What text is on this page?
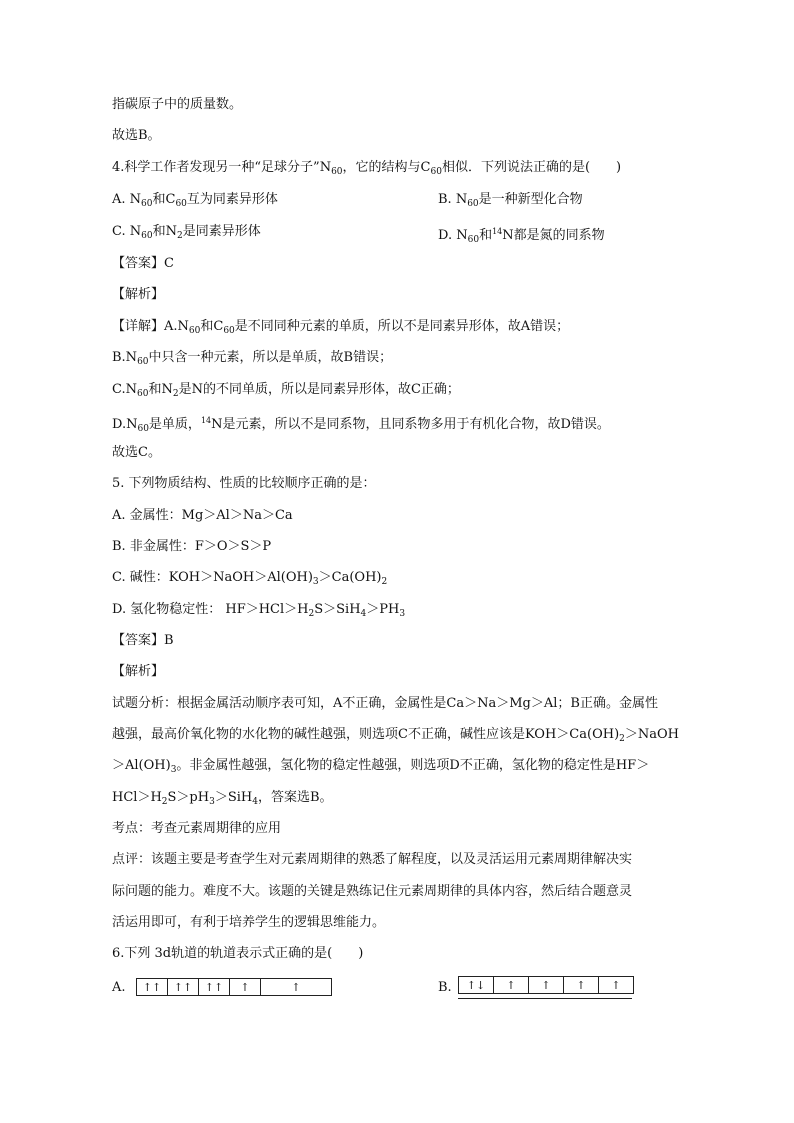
指碳原子中的质量数。
故选B。
4.科学工作者发现另一种“足球分子$”N_{60}$，它的结构与$C_{60}$相似．下列说法正确的是(　　)
A. $N_{60}$和$C_{60}$互为同素异形体	B. $N_{60}$是一种新型化合物
C. $N_{60}$和$N_2$是同素异形体	D. $N_{60}$和$^{14}$N都是氮的同系物
【答案】C
【解析】
【详解】$A.N_{60}$和$C_{60}$是不同同种元素的单质，所以不是同素异形体，故A错误；
$B.N_{60}$中只含一种元素，所以是单质，故B错误；
$C.N_{60}$和$N_2$是N的不同单质，所以是同素异形体，故C正确；
$D.N_{60}$是单质，$^{14}$N是元素，所以不是同系物，且同系物多用于有机化合物，故D错误。
故选C。
5. 下列物质结构、性质的比较顺序正确的是：
A. 金属性：Mg＞Al＞Na＞Ca
B. 非金属性：F＞O＞S＞P
C. 碱性：$KOH>NaOH>Al(OH)_3>Ca(OH)_2$
D. 氢化物稳定性： $HF>HCl>H_2S>SiH_4>PH_3$
【答案】B
【解析】
试题分析：根据金属活动顺序表可知，A不正确，金属性是Ca＞Na＞Mg＞Al；B正确。金属性
越强，最高价氧化物的水化物的碱性越强，则选项C不正确，碱性应该是$KOH>Ca(OH)_2>NaOH$
$>Al(OH)_3$。非金属性越强，氢化物的稳定性越强，则选项D不正确，氢化物的稳定性是HF＞
$HCl>H_2S>pH_3>SiH_4$，答案选B。
考点：考查元素周期律的应用
点评：该题主要是考查学生对元素周期律的熟悉了解程度，以及灵活运用元素周期律解决实
际问题的能力。难度不大。该题的关键是熟练记住元素周期律的具体内容，然后结合题意灵
活运用即可，有利于培养学生的逻辑思维能力。
6.下列 3d轨道的轨道表示式正确的是(　　)
A.	↑↑	↑↑	↑↑	↑	↑	B.	↑↓	↑	↑	↑	↑
